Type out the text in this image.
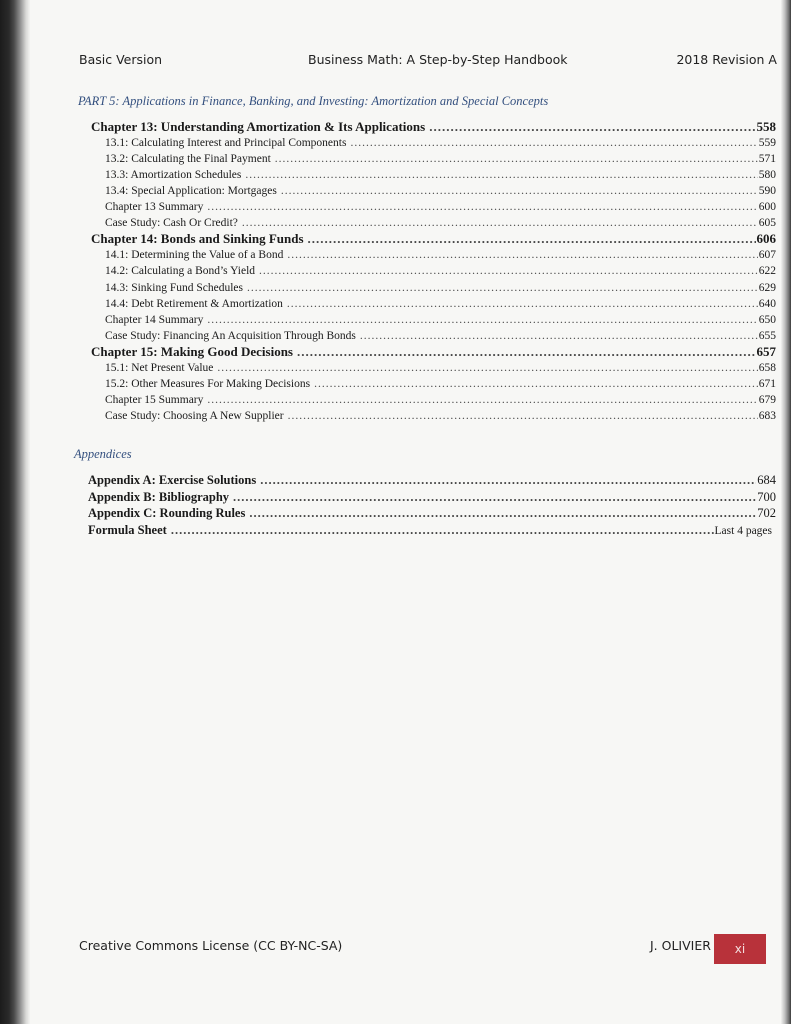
Basic Version	Business Math: A Step-by-Step Handbook	2018 Revision A
PART 5: Applications in Finance, Banking, and Investing: Amortization and Special Concepts
Chapter 13: Understanding Amortization & Its Applications .....	558
13.1: Calculating Interest and Principal Components .....	559
13.2: Calculating the Final Payment .....	571
13.3: Amortization Schedules .....	580
13.4: Special Application: Mortgages .....	590
Chapter 13 Summary .....	600
Case Study: Cash Or Credit? .....	605
Chapter 14: Bonds and Sinking Funds .....	606
14.1: Determining the Value of a Bond .....	607
14.2: Calculating a Bond’s Yield .....	622
14.3: Sinking Fund Schedules .....	629
14.4: Debt Retirement & Amortization .....	640
Chapter 14 Summary .....	650
Case Study: Financing An Acquisition Through Bonds .....	655
Chapter 15: Making Good Decisions .....	657
15.1: Net Present Value .....	658
15.2: Other Measures For Making Decisions .....	671
Chapter 15 Summary .....	679
Case Study: Choosing A New Supplier .....	683
Appendices
Appendix A: Exercise Solutions .....	684
Appendix B: Bibliography .....	700
Appendix C: Rounding Rules .....	702
Formula Sheet .....	Last 4 pages
Creative Commons License (CC BY-NC-SA)	J. OLIVIER	xi
